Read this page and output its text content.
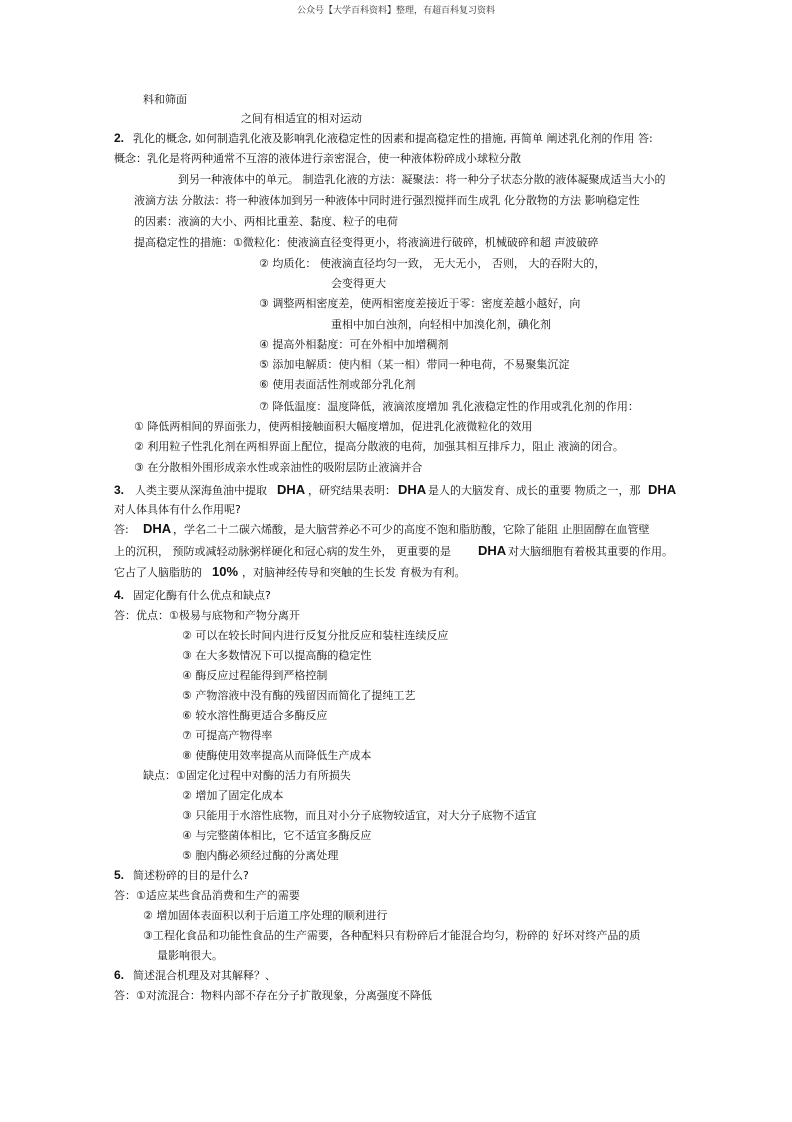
公众号【大学百科资料】整理，有超百科复习资料
料和筛面
之间有相适宜的相对运动
2. 乳化的概念, 如何制造乳化液及影响乳化液稳定性的因素和提高稳定性的措施, 再简单 阐述乳化剂的作用 答:
概念：乳化是将两种通常不互溶的液体进行亲密混合，使一种液体粉碎成小球粒分散
到另一种液体中的单元。 制造乳化液的方法：凝聚法：将一种分子状态分散的液体凝聚成适当大小的
液滴方法 分散法：将一种液体加到另一种液体中同时进行强烈搅拌而生成乳 化分散物的方法 影响稳定性
的因素：液滴的大小、两相比重差、黏度、粒子的电荷
提高稳定性的措施：①微粒化：使液滴直径变得更小，将液滴进行破碎，机械破碎和超 声波破碎
② 均质化： 使液滴直径均匀一致， 无大无小， 否则， 大的吞附大的，
会变得更大
③ 调整两相密度差，使两相密度差接近于零：密度差越小越好，向
重相中加白浊剂，向轻相中加溴化剂，碘化剂
④ 提高外相黏度：可在外相中加增稠剂
⑤ 添加电解质：使内相（某一相）带同一种电荷，不易聚集沉淀
⑥ 使用表面活性剂或部分乳化剂
⑦ 降低温度：温度降低，液滴浓度增加 乳化液稳定性的作用或乳化剂的作用：
① 降低两相间的界面张力，使两相接触面积大幅度增加，促进乳化液微粒化的效用
② 利用粒子性乳化剂在两相界面上配位，提高分散液的电荷，加强其相互排斥力，阻止 液滴的闭合。
③ 在分散相外围形成亲水性或亲油性的吸附层防止液滴并合
3. 人类主要从深海鱼油中提取 DHA ，研究结果表明： DHA 是人的大脑发育、成长的重要 物质之一，那 DHA
对人体具体有什么作用呢?
答: DHA ，学名二十二碳六烯酸，是大脑营养必不可少的高度不饱和脂肪酸，它除了能阻 止胆固醇在血管壁
上的沉积， 预防或减轻动脉粥样硬化和冠心病的发生外， 更重要的是 DHA 对大脑细胞有着极其重要的作用。
它占了人脑脂肪的 10% ，对脑神经传导和突触的生长发 育极为有利。
4. 固定化酶有什么优点和缺点?
答：优点：①极易与底物和产物分离开
② 可以在较长时间内进行反复分批反应和装柱连续反应
③ 在大多数情况下可以提高酶的稳定性
④ 酶反应过程能得到严格控制
⑤ 产物溶液中没有酶的残留因而简化了提纯工艺
⑥ 较水溶性酶更适合多酶反应
⑦ 可提高产物得率
⑧ 使酶使用效率提高从而降低生产成本
缺点：①固定化过程中对酶的活力有所损失
② 增加了固定化成本
③ 只能用于水溶性底物，而且对小分子底物较适宜，对大分子底物不适宜
④ 与完整菌体相比，它不适宜多酶反应
⑤ 胞内酶必须经过酶的分离处理
5. 简述粉碎的目的是什么?
答：①适应某些食品消费和生产的需要
② 增加固体表面积以利于后道工序处理的顺利进行
③工程化食品和功能性食品的生产需要，各种配料只有粉碎后才能混合均匀，粉碎的 好坏对终产品的质
量影响很大。
6. 简述混合机理及对其解释？、
答：①对流混合：物料内部不存在分子扩散现象，分离强度不降低
